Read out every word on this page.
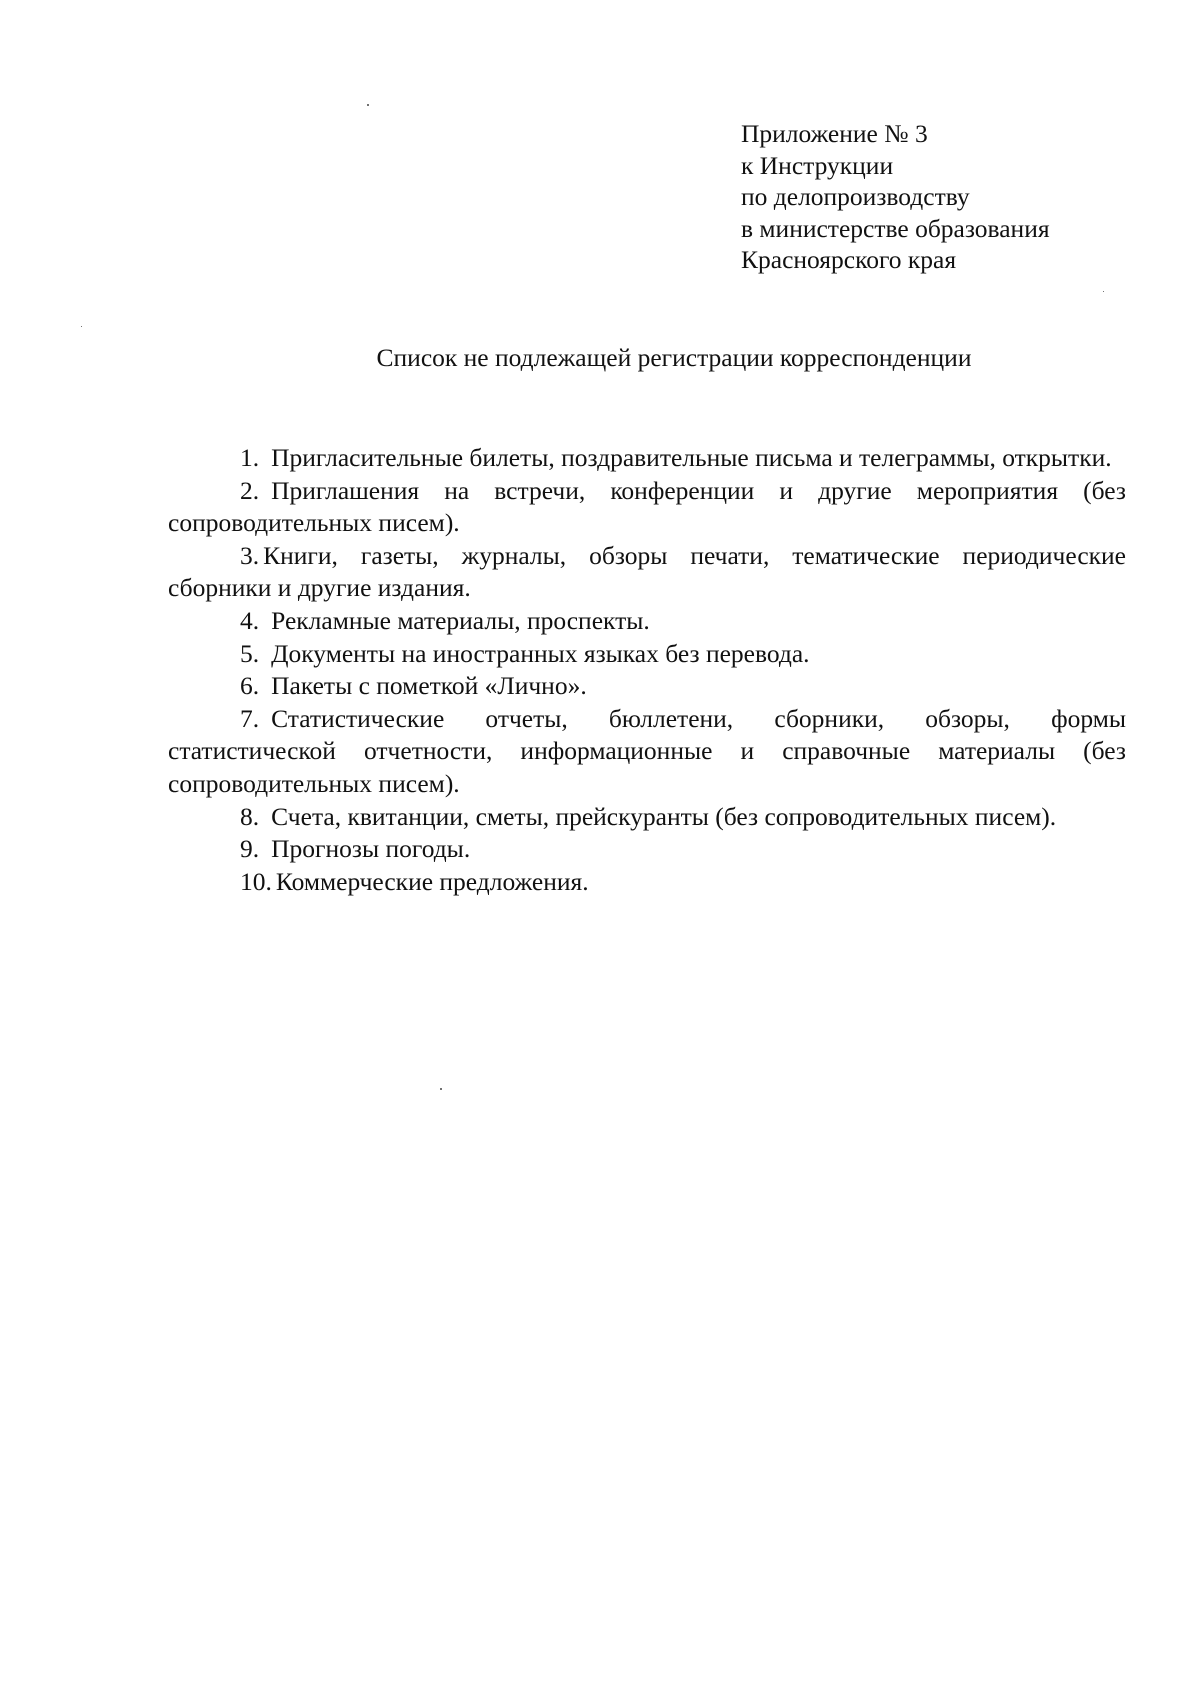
Приложение № 3
к Инструкции
по делопроизводству
в министерстве образования
Красноярского края
Список не подлежащей регистрации корреспонденции
1. Пригласительные билеты, поздравительные письма и телеграммы, открытки.
2. Приглашения на встречи, конференции и другие мероприятия (без сопроводительных писем).
3. Книги, газеты, журналы, обзоры печати, тематические периодические сборники и другие издания.
4. Рекламные материалы, проспекты.
5. Документы на иностранных языках без перевода.
6. Пакеты с пометкой «Лично».
7. Статистические отчеты, бюллетени, сборники, обзоры, формы статистической отчетности, информационные и справочные материалы (без сопроводительных писем).
8. Счета, квитанции, сметы, прейскуранты (без сопроводительных писем).
9. Прогнозы погоды.
10. Коммерческие предложения.
